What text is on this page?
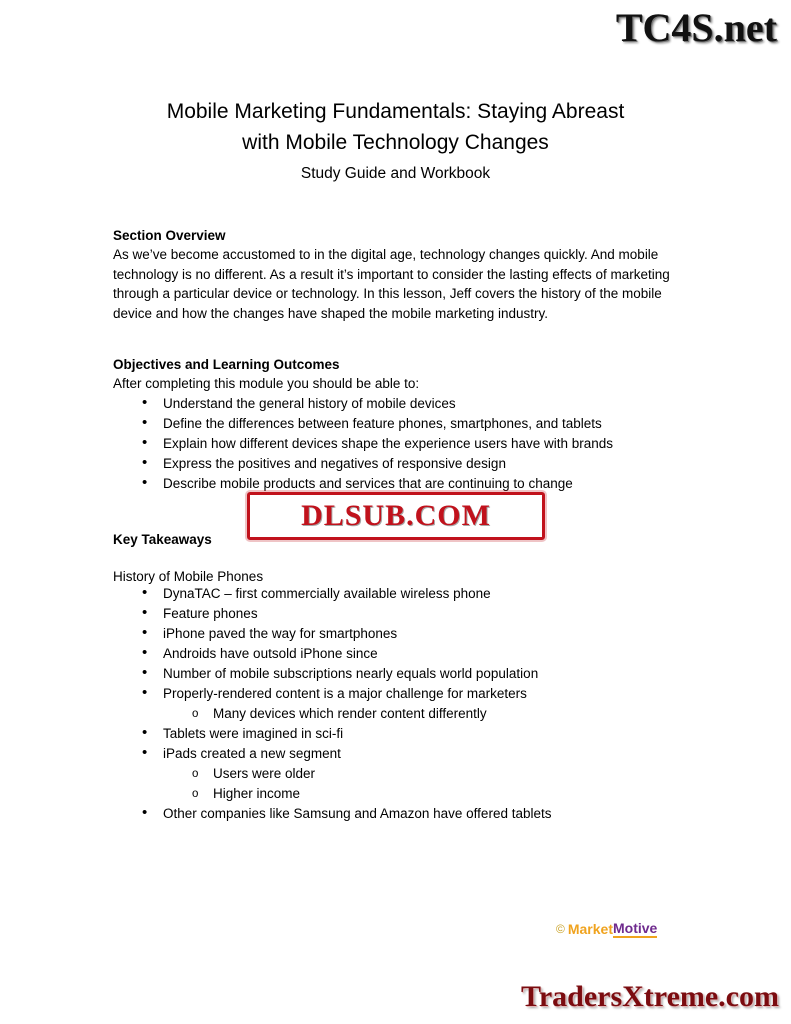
TC4S.net
Mobile Marketing Fundamentals: Staying Abreast
with Mobile Technology Changes
Study Guide and Workbook
Section Overview

As we’ve become accustomed to in the digital age, technology changes quickly. And mobile technology is no different. As a result it’s important to consider the lasting effects of marketing through a particular device or technology. In this lesson, Jeff covers the history of the mobile device and how the changes have shaped the mobile marketing industry.

Objectives and Learning Outcomes

After completing this module you should be able to:

• Understand the general history of mobile devices
• Define the differences between feature phones, smartphones, and tablets
• Explain how different devices shape the experience users have with brands
• Express the positives and negatives of responsive design
• Describe mobile products and services that are continuing to change
Key Takeaways
History of Mobile Phones
• DynaTAC – first commercially available wireless phone
• Feature phones
• iPhone paved the way for smartphones
• Androids have outsold iPhone since
• Number of mobile subscriptions nearly equals world population
• Properly-rendered content is a major challenge for marketers
o Many devices which render content differently
• Tablets were imagined in sci-fi
• iPads created a new segment
o Users were older
o Higher income
• Other companies like Samsung and Amazon have offered tablets
DLSUB.COM
© Market Motive
TradersXtreme.com
